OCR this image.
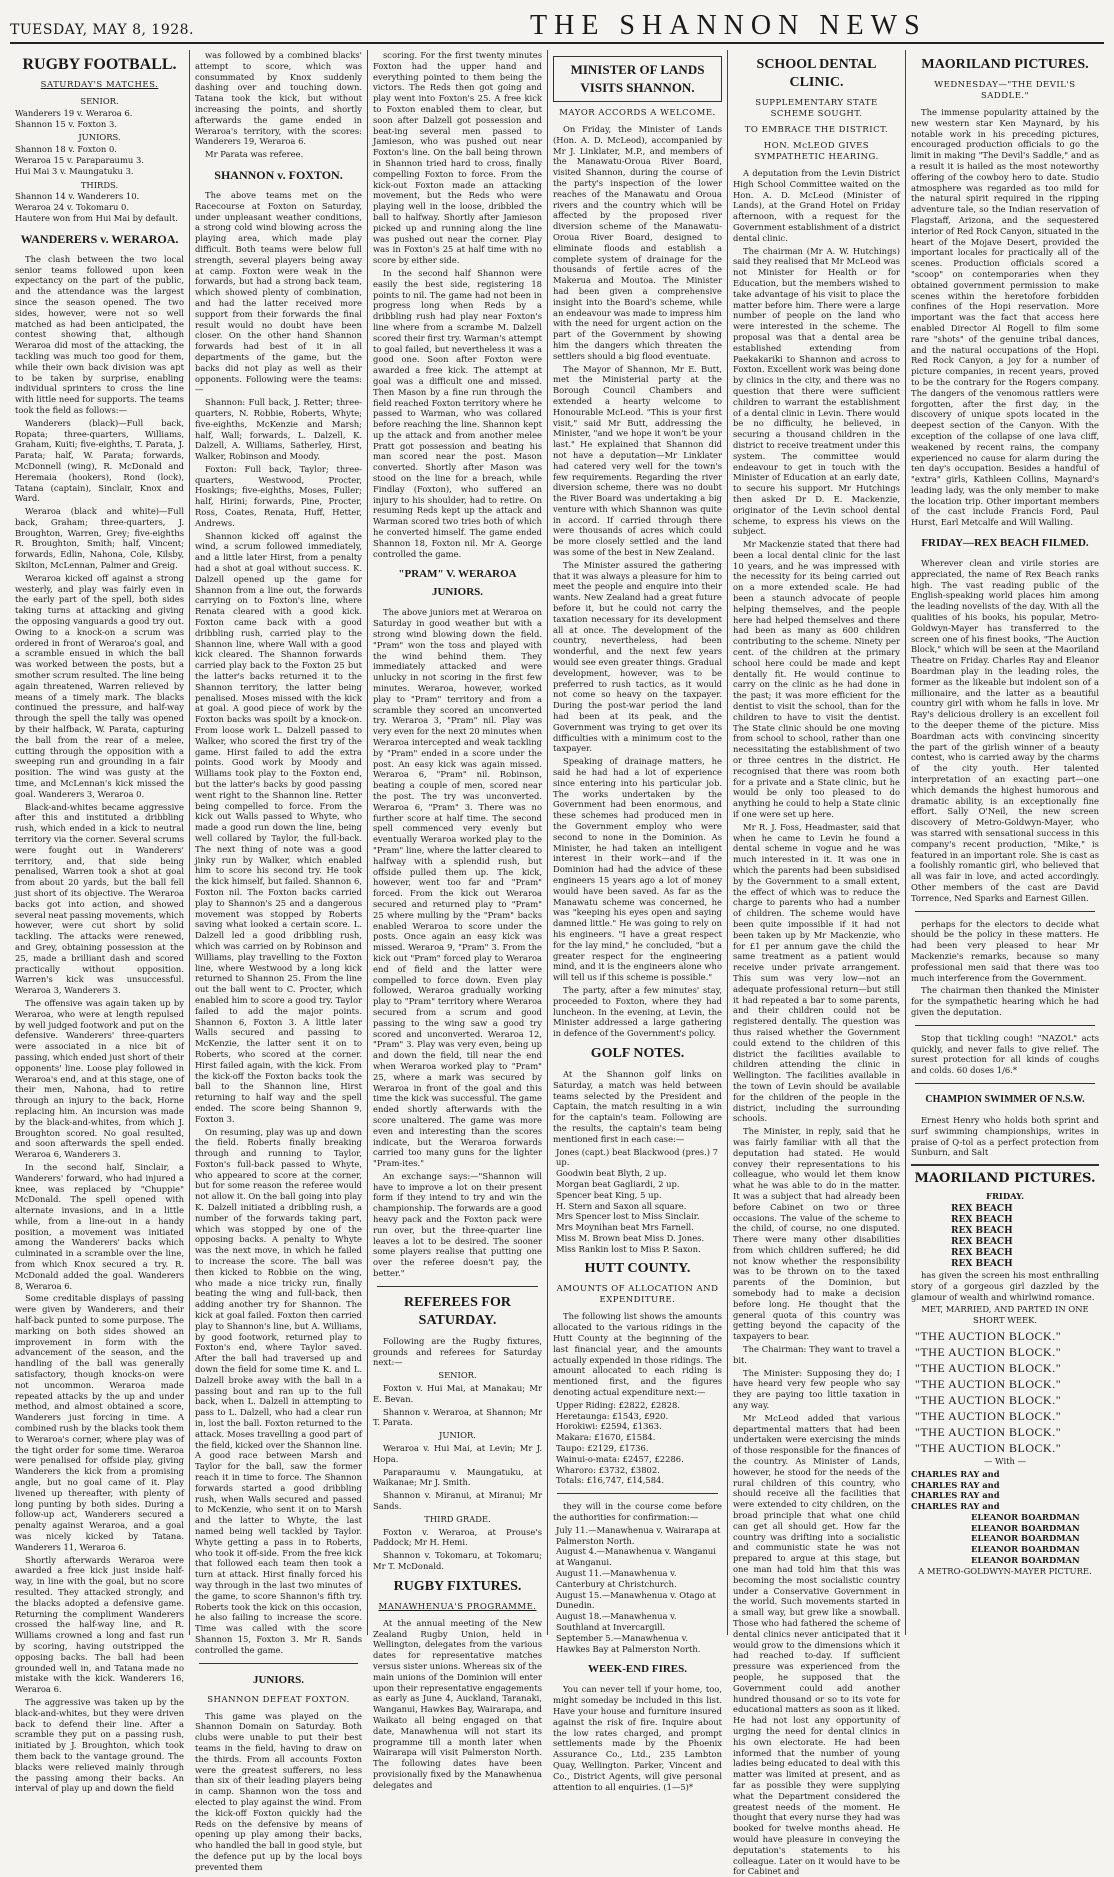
TUESDAY, MAY 8, 1928.	THE SHANNON NEWS
RUGBY FOOTBALL.
SATURDAY'S MATCHES.
SENIOR.
Wanderers 19 v. Weraroa 6.
Shannon 15 v. Foxton 3.
JUNIORS.
Shannon 18 v. Foxton 0.
Weraroa 15 v. Paraparaumu 3.
Hui Mai 3 v. Maungatuku 3.
THIRDS.
Shannon 14 v. Wanderers 10.
Weraroa 24 v. Tokomaru 0.
Hautere won from Hui Mai by default.
WANDERERS v. WERAROA.
The clash between the two local senior teams followed upon keen expectancy on the part of the public, and the attendance was the largest since the season opened. The two sides, however, were not so well matched as had been anticipated, the contest showing that, although Weraroa did most of the attacking, the tackling was much too good for them, while their own back division was apt to be taken by surprise, enabling individual sprinters to cross the line with little need for supports. The teams took the field as follows:—
Wanderers (black)—Full back, Ropata; three-quarters, Williams, Graham, Kuiti; five-eighths, T. Parata, J. Parata; half, W. Parata; forwards, McDonnell (wing), R. McDonald and Heremaia (hookers), Rond (lock), Tatana (captain), Sinclair, Knox and Ward.
Weraroa (black and white)—Full back, Graham; three-quarters, J. Broughton, Warren, Grey; five-eighths R. Broughton, Smith; half, Vincent; forwards, Edlin, Nahona, Cole, Kilsby, Skilton, McLennan, Palmer and Greig.
Weraroa kicked off against a strong westerly, and play was fairly even in the early part of the spell, both sides taking turns at attacking and giving the opposing vanguards a good try out. Owing to a knock-on a scrum was ordered in front of Weraroa's goal, and a scramble ensued in which the ball was worked between the posts, but a smother scrum resulted. The line being again threatened, Warren relieved by means of a timely mark. The blacks continued the pressure, and half-way through the spell the tally was opened by their halfback, W. Parata, capturing the ball from the rear of a melee, cutting through the opposition with a sweeping run and grounding in a fair position. The wind was gusty at the time, and McLennan's kick missed the goal. Wanderers 3, Weraroa 0.
Black-and-whites became aggressive after this and instituted a dribbling rush, which ended in a kick to neutral territory via the corner. Several scrums were fought out in Wanderers' territory, and, that side being penalised, Warren took a shot at goal from about 20 yards, but the ball fell just short of its objective. The Weraroa backs got into action, and showed several neat passing movements, which however, were cut short by solid tackling. The attacks were renewed, and Grey, obtaining possession at the 25, made a brilliant dash and scored practically without opposition. Warren's kick was unsuccessful. Weraroa 3, Wanderers 3.
The offensive was again taken up by Weraroa, who were at length repulsed by well judged footwork and put on the defensive. Wanderers' three-quarters were associated in a nice bit of passing, which ended just short of their opponents' line. Loose play followed in Weraroa's end, and at this stage, one of their men, Nahona, had to retire through an injury to the back, Horne replacing him. An incursion was made by the black-and-whites, from which J. Broughton scored. No goal resulted, and soon afterwards the spell ended. Weraroa 6, Wanderers 3.
In the second half, Sinclair, a Wanderers' forward, who had injured a knee, was replaced by "Chuppie" McDonald. The spell opened with alternate invasions, and in a little while, from a line-out in a handy position, a movement was initiated among the Wanderers' backs which culminated in a scramble over the line, from which Knox secured a try. R. McDonald added the goal. Wanderers 8, Weraroa 6.
Some creditable displays of passing were given by Wanderers, and their half-back punted to some purpose. The marking on both sides showed an improvement in form with the advancement of the season, and the handling of the ball was generally satisfactory, though knocks-on were not uncommon. Weraroa made repeated attacks by the up and under method, and almost obtained a score, Wanderers just forcing in time. A combined rush by the blacks took them to Weraroa's corner, where play was of the tight order for some time. Weraroa were penalised for offside play, giving Wanderers the kick from a promising angle, but no goal came of it. Play livened up thereafter, with plenty of long punting by both sides. During a follow-up act, Wanderers secured a penalty against Weraroa, and a goal was nicely kicked by Tatana. Wanderers 11, Weraroa 6.
Shortly afterwards Weraroa were awarded a free kick just inside half-way, in line with the goal, but no score resulted. They attacked strongly, and the blacks adopted a defensive game. Returning the compliment Wanderers crossed the half-way line, and R. Williams crowned a long and fast run by scoring, having outstripped the opposing backs. The ball had been grounded well in, and Tatana made no mistake with the kick. Wanderers 16, Weraroa 6.
The aggressive was taken up by the black-and-whites, but they were driven back to defend their line. After a scramble they put on a passing rush, initiated by J. Broughton, which took them back to the vantage ground. The blacks were relieved mainly through the passing among their backs. An interval of play up and down the field
was followed by a combined blacks' attempt to score, which was consummated by Knox suddenly dashing over and touching down. Tatana took the kick, but without increasing the points, and shortly afterwards the game ended in Weraroa's territory, with the scores: Wanderers 19, Weraroa 6.
Mr Parata was referee.
SHANNON v. FOXTON.
The above teams met on the Racecourse at Foxton on Saturday, under unpleasant weather conditions, a strong cold wind blowing across the playing area, which made play difficult. Both teams were below full strength, several players being away at camp. Foxton were weak in the forwards, but had a strong back team, which showed plenty of combination, and had the latter received more support from their forwards the final result would no doubt have been closer. On the other hand Shannon forwards had best of it in all departments of the game, but the backs did not play as well as their opponents. Following were the teams:—
Shannon: Full back, J. Retter; three-quarters, N. Robbie, Roberts, Whyte; five-eighths, McKenzie and Marsh; half, Wall; forwards, L. Dalzell, K. Dalzell, A. Williams, Satherley, Hirst, Walker, Robinson and Moody.
Foxton: Full back, Taylor; three-quarters, Westwood, Procter, Hoskings; five-eighths, Moses, Fuller; half, Hirini; forwards, Pine, Procter, Ross, Coates, Renata, Huff, Hetter, Andrews.
Shannon kicked off against the wind, a scrum followed immediately, and a little later Hirst, from a penalty had a shot at goal without success. K. Dalzell opened up the game for Shannon from a line out, the forwards carrying on to Foxton's line, where Renata cleared with a good kick. Foxton came back with a good dribbling rush, carried play to the Shannon line, where Wall with a good kick cleared. The Shannon forwards carried play back to the Foxton 25 but the latter's backs returned it to the Shannon territory, the latter being penalised. Moses missed with the kick at goal. A good piece of work by the Foxton backs was spoilt by a knock-on. From loose work L. Dalzell passed to Walker, who scored the first try of the game. Hirst failed to add the extra points. Good work by Moody and Williams took play to the Foxton end, but the latter's backs by good passing went right to the Shannon line. Retter being compelled to force. From the kick out Walls passed to Whyte, who made a good run down the line, being well collared by Taylor, the full-back. The next thing of note was a good jinky run by Walker, which enabled him to score his second try. He took the kick himself, but failed. Shannon 6, Foxton nil. The Foxton backs carried play to Shannon's 25 and a dangerous movement was stopped by Roberts saving what looked a certain score. L. Dalzell led a good dribbling rush, which was carried on by Robinson and Williams, play travelling to the Foxton line, where Westwood by a long kick returned to Shannon 25. From the line out the ball went to C. Procter, which enabled him to score a good try. Taylor failed to add the major points. Shannon 6, Foxton 3. A little later Walls secured and passing to McKenzie, the latter sent it on to Roberts, who scored at the corner. Hirst failed again, with the kick. From the kick-off the Foxton backs took the ball to the Shannon line, Hirst returning to half way and the spell ended. The score being Shannon 9, Foxton 3.
On resuming, play was up and down the field. Roberts finally breaking through and running to Taylor, Foxton's full-back passed to Whyte, who appeared to score at the corner, but for some reason the referee would not allow it. On the ball going into play K. Dalzell initiated a dribbling rush, a number of the forwards taking part, which was stopped by one of the opposing backs. A penalty to Whyte was the next move, in which he failed to increase the score. The ball was then kicked to Robbie on the wing, who made a nice tricky run, finally beating the wing and full-back, then adding another try for Shannon. The kick at goal failed. Foxton then carried play to Shannon's line, but A. Williams, by good footwork, returned play to Foxton's end, where Taylor saved. After the ball had traversed up and down the field for some time K. and L. Dalzell broke away with the ball in a passing bout and ran up to the full back, when L. Dalzell in attempting to pass to L. Dalzell, who had a clear run in, lost the ball. Foxton returned to the attack. Moses travelling a good part of the field, kicked over the Shannon line. A good race between Marsh and Taylor for the ball, saw the former reach it in time to force. The Shannon forwards started a good dribbling rush, when Walls secured and passed to McKenzie, who sent it on to Marsh and the latter to Whyte, the last named being well tackled by Taylor. Whyte getting a pass in to Roberts, who took it off-side. From the free kick that followed each team then took a turn at attack. Hirst finally forced his way through in the last two minutes of the game, to score Shannon's fifth try. Roberts took the kick on this occasion, he also failing to increase the score. Time was called with the score Shannon 15, Foxton 3. Mr R. Sands controlled the game.
JUNIORS.
SHANNON DEFEAT FOXTON.
This game was played on the Shannon Domain on Saturday. Both clubs were unable to put their best teams in the field, having to draw on the thirds. From all accounts Foxton were the greatest sufferers, no less than six of their leading players being in camp. Shannon won the toss and elected to play against the wind. From the kick-off Foxton quickly had the Reds on the defensive by means of opening up play among their backs, who handled the ball in good style, but the defence put up by the local boys prevented them
scoring. For the first twenty minutes Foxton had the upper hand and everything pointed to them being the victors. The Reds then got going and play went into Foxton's 25. A free kick to Foxton enabled them to clear, but soon after Dalzell got possession and beat-ing several men passed to Jamieson, who was pushed out near Foxton's line. On the ball being thrown in Shannon tried hard to cross, finally compelling Foxton to force. From the kick-out Foxton made an attacking movement, but the Reds who were playing well in the loose, dribbled the ball to halfway. Shortly after Jamieson picked up and running along the line was pushed out near the corner. Play was in Foxton's 25 at half time with no score by either side.
In the second half Shannon were easily the best side, registering 18 points to nil. The game had not been in progress long when Reds by a dribbling rush had play near Foxton's line where from a scrambe M. Dalzell scored their first try. Warman's attempt to goal failed, but nevertheless it was a good one. Soon after Foxton were awarded a free kick. The attempt at goal was a difficult one and missed. Then Mason by a fine run through the field reached Foxton territory where he passed to Warman, who was collared before reaching the line. Shannon kept up the attack and from another melee Pratt got possession and beating his man scored near the post. Mason converted. Shortly after Mason was stood on the line for a breach, while Findlay (Foxton), who suffered an injury to his shoulder, had to retire. On resuming Reds kept up the attack and Warman scored two tries both of which he converted himself. The game ended Shannon 18, Foxton nil. Mr A. George controlled the game.
"PRAM" V. WERAROA JUNIORS.
The above juniors met at Weraroa on Saturday in good weather but with a strong wind blowing down the field. "Pram" won the toss and played with the wind behind them. They immediately attacked and were unlucky in not scoring in the first few minutes. Weraroa, however, worked play to "Pram" territory and from a scramble they scored an unconverted try. Weraroa 3, "Pram" nil. Play was very even for the next 20 minutes when Weraroa intercepted and weak tackling by "Pram" ended in a score under the post. An easy kick was again missed. Weraroa 6, "Pram" nil. Robinson, beating a couple of men, scored near the post. The try was unconverted. Weraroa 6, "Pram" 3. There was no further score at half time. The second spell commenced very evenly but eventually Weraroa worked play to the "Pram" line, where the latter cleared to halfway with a splendid rush, but offside pulled them up. The kick, however, went too far and "Pram" forced. From the kick out Weraroa secured and returned play to "Pram" 25 where mulling by the "Pram" backs enabled Weraroa to score under the posts. Once again an easy kick was missed. Weraroa 9, "Pram" 3. From the kick out "Pram" forced play to Weraroa end of field and the latter were compelled to force down. Even play followed, Weraroa gradually working play to "Pram" territory where Weraroa secured from a scrum and good passing to the wing saw a good try scored and unconverted. Weraroa 12, "Pram" 3. Play was very even, being up and down the field, till near the end when Weraroa worked play to "Pram" 25, where a mark was secured by Weraroa in front of the goal and this time the kick was successful. The game ended shortly afterwards with the score unaltered. The game was more even and interesting than the scores indicate, but the Weraroa forwards carried too many guns for the lighter "Pram-ites."
An exchange says:—"Shannon will have to improve a lot on their present form if they intend to try and win the championship. The forwards are a good heavy pack and the Foxton pack were run over, but the three-quarter line leaves a lot to be desired. The sooner some players realise that putting one over the referee doesn't pay, the better."
REFEREES FOR SATURDAY.
Following are the Rugby fixtures, grounds and referees for Saturday next:—
SENIOR.
Foxton v. Hui Mai, at Manakau; Mr E. Bevan.
Shannon v. Weraroa, at Shannon; Mr T. Parata.
JUNIOR.
Weraroa v. Hui Mai, at Levin; Mr J. Hopa.
Paraparaumu v. Maungatuku, at Waikanae; Mr J. Smith.
Shannon v. Miranui, at Miranui; Mr Sands.
THIRD GRADE.
Foxton v. Weraroa, at Prouse's Paddock; Mr H. Hemi.
Shannon v. Tokomaru, at Tokomaru; Mr T. McDonald.
RUGBY FIXTURES.
MANAWHENUA'S PROGRAMME.
At the annual meeting of the New Zealand Rugby Union, held in Wellington, delegates from the various dates for representative matches versus sister unions. Whereas six of the main unions of the Dominion will enter upon their representative engagements as early as June 4, Auckland, Taranaki, Wanganui, Hawkes Bay, Wairarapa, and Waikato all being engaged on that date, Manawhenua will not start its programme till a month later when Wairarapa will visit Palmerston North. The following dates have been provisionally fixed by the Manawhenua delegates and
MINISTER OF LANDS VISITS SHANNON.
MAYOR ACCORDS A WELCOME.
On Friday, the Minister of Lands (Hon. A. D. McLeod), accompanied by Mr J. Linklater, M.P., and members of the Manawatu-Oroua River Board, visited Shannon, during the course of the party's inspection of the lower reaches of the Manawatu and Oroua rivers and the country which will be affected by the proposed river diversion scheme of the Manawatu-Oroua River Board, designed to eliminate floods and establish a complete system of drainage for the thousands of fertile acres of the Makerua and Moutoa. The Minister had been given a comprehensive insight into the Board's scheme, while an endeavour was made to impress him with the need for urgent action on the part of the Government by showing him the dangers which threaten the settlers should a big flood eventuate.
The Mayor of Shannon, Mr E. Butt, met the Ministerial party at the Borough Council Chambers and extended a hearty welcome to Honourable McLeod. "This is your first visit," said Mr Butt, addressing the Minister, "and we hope it won't be your last." He explained that Shannon did not have a deputation—Mr Linklater had catered very well for the town's few requirements. Regarding the river diversion scheme, there was no doubt the River Board was undertaking a big venture with which Shannon was quite in accord. If carried through there were thousands of acres which could be more closely settled and the land was some of the best in New Zealand.
The Minister assured the gathering that it was always a pleasure for him to meet the people and enquire into their wants. New Zealand had a great future before it, but he could not carry the taxation necessary for its development all at once. The development of the country, nevertheless, had been wonderful, and the next few years would see even greater things. Gradual development, however, was to be preferred to rush tactics, as it would not come so heavy on the taxpayer. During the post-war period the land had been at its peak, and the Government was trying to get over its difficulties with a minimum cost to the taxpayer.
Speaking of drainage matters, he said he had had a lot of experience since entering into his particular job. The works undertaken by the Government had been enormous, and these schemes had produced men in the Government employ who were second to none in the Dominion. As Minister, he had taken an intelligent interest in their work—and if the Dominion had had the advice of these engineers 15 years ago a lot of money would have been saved. As far as the Manawatu scheme was concerned, he was "keeping his eyes open and saying damned little." He was going to rely on his engineers. "I have a great respect for the lay mind," he concluded, "but a greater respect for the engineering mind, and it is the engineers alone who will tell us if this scheme is possible."
The party, after a few minutes' stay, proceeded to Foxton, where they had luncheon. In the evening, at Levin, the Minister addressed a large gathering in defence of the Government's policy.
GOLF NOTES.
At the Shannon golf links on Saturday, a match was held between teams selected by the President and Captain, the match resulting in a win for the captain's team. Following are the results, the captain's team being mentioned first in each case:—
Jones (capt.) beat Blackwood (pres.) 7 up.
Goodwin beat Blyth, 2 up.
Morgan beat Gagliardi, 2 up.
Spencer beat King, 5 up.
H. Stern and Saxon all square.
Mrs Spencer lost to Miss Sinclair.
Mrs Moynihan beat Mrs Farnell.
Miss M. Brown beat Miss D. Jones.
Miss Rankin lost to Miss P. Saxon.
HUTT COUNTY.
AMOUNTS OF ALLOCATION AND EXPENDITURE.
The following list shows the amounts allocated to the various ridings in the Hutt County at the beginning of the last financial year, and the amounts actually expended in those ridings. The amount allocated to each riding is mentioned first, and the figures denoting actual expenditure next:—
Upper Riding: £2822, £2828.
Heretaunga: £1543, £920.
Horokiwi: £2594, £1363.
Makara: £1670, £1584.
Taupo: £2129, £1736.
Wainui-o-mata: £2457, £2286.
Wharoro: £3732, £3802.
Totals: £16,747, £14,584.
they will in the course come before the authorities for confirmation:—
July 11.—Manawhenua v. Wairarapa at Palmerston North.
August 4.—Manawhenua v. Wanganui at Wanganui.
August 11.—Manawhenua v. Canterbury at Christchurch.
August 15.—Manawhenua v. Otago at Dunedin.
August 18.—Manawhenua v. Southland at Invercargill.
September 5.—Manawhenua v. Hawkes Bay at Palmerston North.
WEEK-END FIRES.
You can never tell if your home, too, might someday be included in this list. Have your house and furniture insured against the risk of fire. Inquire about the low rates charged, and prompt settlements made by the Phoenix Assurance Co., Ltd., 235 Lambton Quay, Wellington. Parker, Vincent and Co., District Agents, will give personal attention to all enquiries. (1—5)*
SCHOOL DENTAL CLINIC.
SUPPLEMENTARY STATE SCHEME SOUGHT.
TO EMBRACE THE DISTRICT.
HON. McLEOD GIVES SYMPATHETIC HEARING.
A deputation from the Levin District High School Committee waited on the Hon. A. D. McLeod (Minister of Lands), at the Grand Hotel on Friday afternoon, with a request for the Government establishment of a district dental clinic.
The chairman (Mr A. W. Hutchings) said they realised that Mr McLeod was not Minister for Health or for Education, but the members wished to take advantage of his visit to place the matter before him. There were a large number of people on the land who were interested in the scheme. The proposal was that a dental area be established extending from Paekakariki to Shannon and across to Foxton. Excellent work was being done by clinics in the city, and there was no question that there were sufficient children to warrant the establishment of a dental clinic in Levin. There would be no difficulty, he believed, in securing a thousand children in the district to receive treatment under this system. The committee would endeavour to get in touch with the Minister of Education at an early date, to secure his support. Mr Hutchings then asked Dr D. E. Mackenzie, originator of the Levin school dental scheme, to express his views on the subject.
Mr Mackenzie stated that there had been a local dental clinic for the last 10 years, and he was impressed with the necessity for its being carried out on a more extended scale. He had been a staunch advocate of people helping themselves, and the people here had helped themselves and there had been as many as 600 children contributing to the scheme. Ninety per cent. of the children at the primary school here could be made and kept dentally fit. He would continue to carry on the clinic as he had done in the past; it was more efficient for the dentist to visit the school, than for the children to have to visit the dentist. The State clinic should be one moving from school to school, rather than one necessitating the establishment of two or three centres in the district. He recognised that there was room both for a private and a State clinic, but he would be only too pleased to do anything he could to help a State clinic if one were set up here.
Mr R. J. Foss, Headmaster, said that when he came to Levin he found a dental scheme in vogue and he was much interested in it. It was one in which the parents had been subsidised by the Government to a small extent, the effect of which was to reduce the charge to parents who had a number of children. The scheme would have been quite impossible if it had not been taken up by Mr Mackenzie, who for £1 per annum gave the child the same treatment as a patient would receive under private arrangement. This sum was very low—not an adequate professional return—but still it had repeated a bar to some parents, and their children could not be registered dentally. The question was thus raised whether the Government could extend to the children of this district the facilities available to children attending the clinic in Wellington. The facilities available in the town of Levin should be available for the children of the people in the district, including the surrounding schools.
The Minister, in reply, said that he was fairly familiar with all that the deputation had stated. He would convey their representations to his colleague, who would let them know what he was able to do in the matter. It was a subject that had already been before Cabinet on two or three occasions. The value of the scheme to the child, of course, no one disputed. There were many other disabilities from which children suffered; he did not know whether the responsibility was to be thrown on to the taxed parents of the Dominion, but somebody had to make a decision before long. He thought that the general quota of this country was getting beyond the capacity of the taxpayers to bear.
The Chairman: They want to travel a bit.
The Minister: Supposing they do; I have heard very few people who say they are paying too little taxation in any way.
Mr McLeod added that various departmental matters that had been undertaken were exercising the minds of those responsible for the finances of the country. As Minister of Lands, however, he stood for the needs of the rural children of this country, who should receive all the facilities that were extended to city children, on the broad principle that what one child can get all should get. How far the country was drifting into a socialistic and communistic state he was not prepared to argue at this stage, but one man had told him that this was becoming the most socialistic country under a Conservative Government in the world. Such movements started in a small way, but grew like a snowball. Those who had fathered the scheme of dental clinics never anticipated that it would grow to the dimensions which it had reached to-day. If sufficient pressure was experienced from the people, he supposed that the Government could add another hundred thousand or so to its vote for educational matters as soon as it liked. He had not lost any opportunity of urging the need for dental clinics in his own electorate. He had been informed that the number of young ladies being educated to deal with this matter was limited at present, and as far as possible they were supplying what the Department considered the greatest needs of the moment. He thought that every nurse they had was booked for twelve months ahead. He would have pleasure in conveying the deputation's statements to his colleague. Later on it would have to be for Cabinet and
MAORILAND PICTURES.
WEDNESDAY—"THE DEVIL'S SADDLE."
The immense popularity attained by the new western star Ken Maynard, by his notable work in his preceding pictures, encouraged production officials to go the limit in making "The Devil's Saddle," and as a result it is hailed as the most noteworthy offering of the cowboy hero to date. Studio atmosphere was regarded as too mild for the natural spirit required in the ripping adventure tale, so the Indian reservation of Flagstaff, Arizona, and the sequestered interior of Red Rock Canyon, situated in the heart of the Mojave Desert, provided the important locales for practically all of the scenes. Production officials scored a "scoop" on contemporaries when they obtained government permission to make scenes within the heretofore forbidden confines of the Hopi reservation. More important was the fact that access here enabled Director Al Rogell to film some rare "shots" of the genuine tribal dances, and the natural occupations of the Hopi. Red Rock Canyon, a joy for a number of picture companies, in recent years, proved to be the contrary for the Rogers company. The dangers of the venomous rattlers were forgotten, after the first day, in the discovery of unique spots located in the deepest section of the Canyon. With the exception of the collapse of one lava cliff, weakened by recent rains, the company experienced no cause for alarm during the ten day's occupation. Besides a handful of "extra" girls, Kathleen Collins, Maynard's leading lady, was the only member to make the location trip. Other important members of the cast include Francis Ford, Paul Hurst, Earl Metcalfe and Will Walling.
FRIDAY—REX BEACH FILMED.
Wherever clean and virile stories are appreciated, the name of Rex Beach ranks high. The vast reading public of the English-speaking world places him among the leading novelists of the day. With all the qualities of his books, his popular, Metro-Goldwyn-Mayer has transferred to the screen one of his finest books, "The Auction Block," which will be seen at the Maoriland Theatre on Friday. Charles Ray and Eleanor Boardman play in the leading roles, the former as the likeable but indolent son of a millionaire, and the latter as a beautiful country girl with whom he falls in love. Mr Ray's delicious drollery is an excellent foil to the deeper theme of the picture. Miss Boardman acts with convincing sincerity the part of the girlish winner of a beauty contest, who is carried away by the charms of the city youth. Her talented interpretation of an exacting part—one which demands the highest humorous and dramatic ability, is an exceptionally fine effort. Sally O'Neil, the new screen discovery of Metro-Goldwyn-Mayer, who was starred with sensational success in this company's recent production, "Mike," is featured in an important role. She is cast as a foolishly romantic girl, who believed that all was fair in love, and acted accordingly. Other members of the cast are David Torrence, Ned Sparks and Earnest Gillen.
perhaps for the electors to decide what should be the policy in these matters. He had been very pleased to hear Mr Mackenzie's remarks, because so many professional men said that there was too much interference from the Government.
The chairman then thanked the Minister for the sympathetic hearing which he had given the deputation.
Stop that tickling cough! "NAZOL" acts quickly, and never fails to give relief. The surest protection for all kinds of coughs and colds. 60 doses 1/6.*
CHAMPION SWIMMER OF N.S.W.
Ernest Henry who holds both sprint and surf swimming championships, writes in praise of Q-tol as a perfect protection from Sunburn, and Salt
MAORILAND PICTURES.
FRIDAY.
REX BEACH
REX BEACH
REX BEACH
REX BEACH
REX BEACH
REX BEACH
has given the screen his most enthralling story of a gorgeous girl dazzled by the glamour of wealth and whirlwind romance.
MET, MARRIED, AND PARTED IN ONE SHORT WEEK.
"THE AUCTION BLOCK."
"THE AUCTION BLOCK."
"THE AUCTION BLOCK."
"THE AUCTION BLOCK."
"THE AUCTION BLOCK."
"THE AUCTION BLOCK."
"THE AUCTION BLOCK."
"THE AUCTION BLOCK."
— With —
CHARLES RAY and
CHARLES RAY and
CHARLES RAY and
CHARLES RAY and
ELEANOR BOARDMAN
ELEANOR BOARDMAN
ELEANOR BOARDMAN
ELEANOR BOARDMAN
ELEANOR BOARDMAN
A METRO-GOLDWYN-MAYER PICTURE.
